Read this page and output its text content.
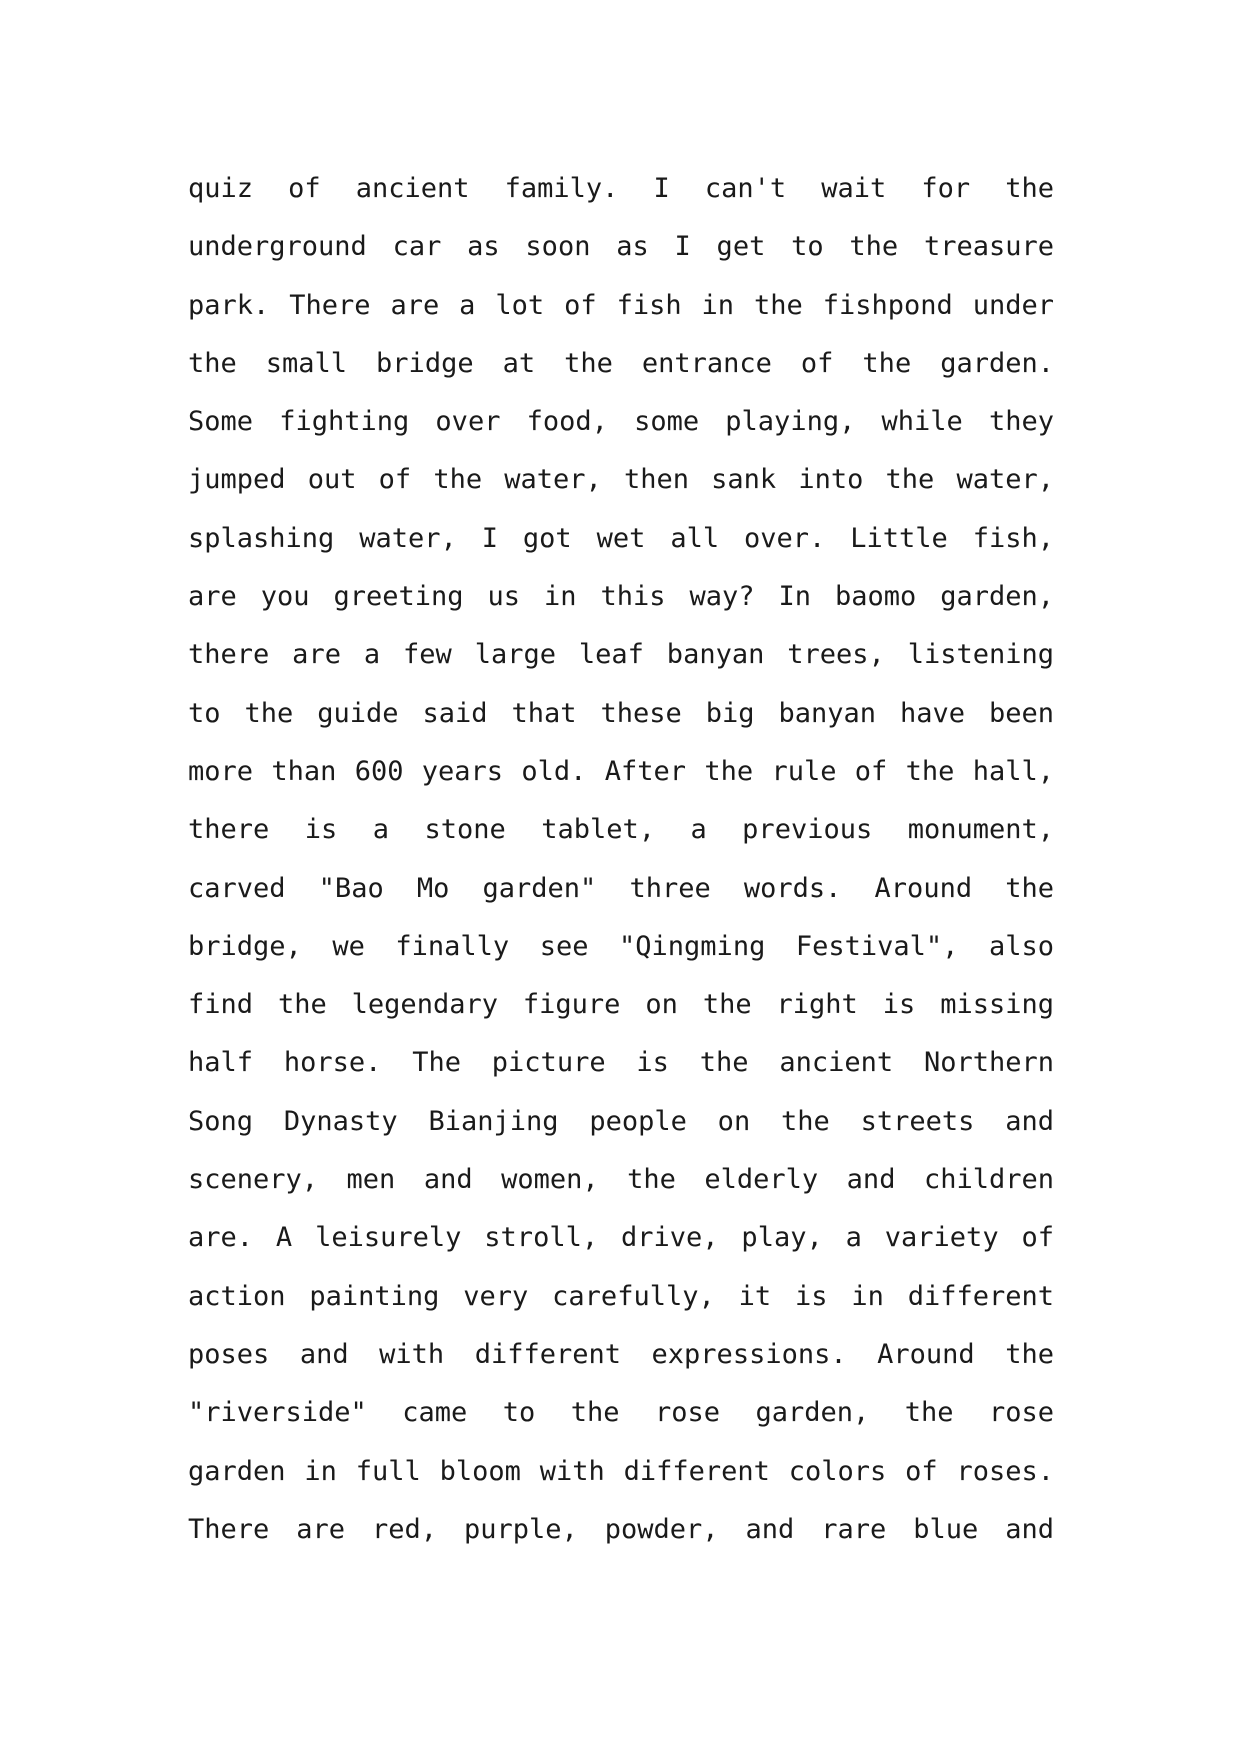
quiz of ancient family. I can't wait for the
underground car as soon as I get to the treasure
park. There are a lot of fish in the fishpond under
the small bridge at the entrance of the garden.
Some fighting over food, some playing, while they
jumped out of the water, then sank into the water,
splashing water, I got wet all over. Little fish,
are you greeting us in this way? In baomo garden,
there are a few large leaf banyan trees, listening
to the guide said that these big banyan have been
more than 600 years old. After the rule of the hall,
there is a stone tablet, a previous monument,
carved "Bao Mo garden" three words. Around the
bridge, we finally see "Qingming Festival", also
find the legendary figure on the right is missing
half horse. The picture is the ancient Northern
Song Dynasty Bianjing people on the streets and
scenery, men and women, the elderly and children
are. A leisurely stroll, drive, play, a variety of
action painting very carefully, it is in different
poses and with different expressions. Around the
"riverside" came to the rose garden, the rose
garden in full bloom with different colors of roses.
There are red, purple, powder, and rare blue and
